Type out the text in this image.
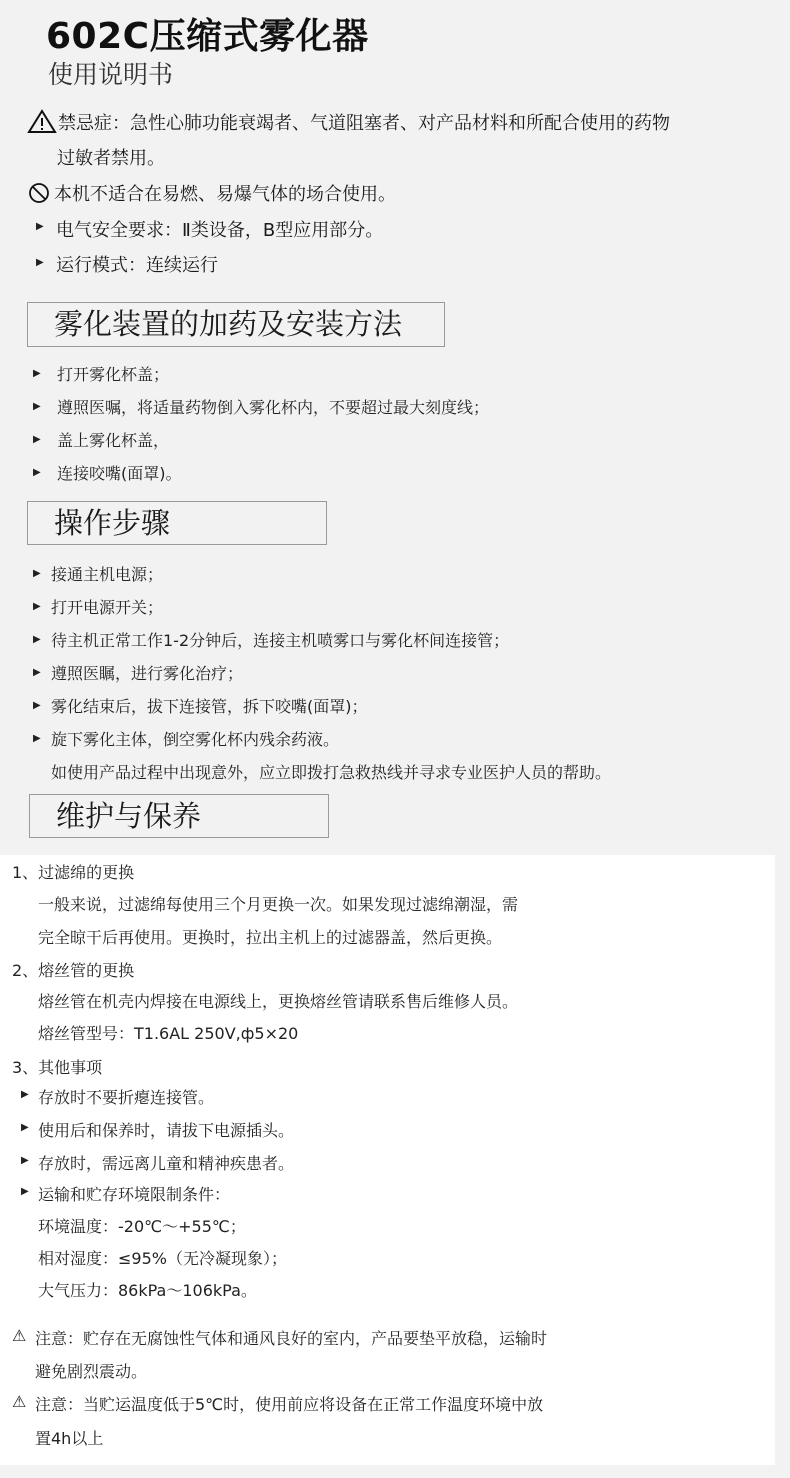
602C压缩式雾化器
使用说明书
禁忌症：急性心肺功能衰竭者、气道阻塞者、对产品材料和所配合使用的药物
过敏者禁用。
本机不适合在易燃、易爆气体的场合使用。
▶ 电气安全要求：Ⅱ类设备，B型应用部分。
▶ 运行模式：连续运行
雾化装置的加药及安装方法
▶ 打开雾化杯盖；
▶ 遵照医嘱，将适量药物倒入雾化杯内，不要超过最大刻度线；
▶ 盖上雾化杯盖，
▶ 连接咬嘴(面罩)。
操作步骤
▶ 接通主机电源；
▶ 打开电源开关；
▶ 待主机正常工作1-2分钟后，连接主机喷雾口与雾化杯间连接管；
▶ 遵照医瞩，进行雾化治疗；
▶ 雾化结束后，拔下连接管，拆下咬嘴(面罩)；
▶ 旋下雾化主体，倒空雾化杯内残余药液。
如使用产品过程中出现意外，应立即拨打急救热线并寻求专业医护人员的帮助。
维护与保养
1、过滤绵的更换
一般来说，过滤绵每使用三个月更换一次。如果发现过滤绵潮湿，需
完全晾干后再使用。更换时，拉出主机上的过滤器盖，然后更换。
2、熔丝管的更换
熔丝管在机壳内焊接在电源线上，更换熔丝管请联系售后维修人员。
熔丝管型号：T1.6AL 250V,ф5×20
3、其他事项
▶ 存放时不要折瘪连接管。
▶ 使用后和保养时，请拔下电源插头。
▶ 存放时，需远离儿童和精神疾患者。
▶ 运输和贮存环境限制条件：
环境温度：-20℃～+55℃；
相对湿度：≤95%（无冷凝现象）；
大气压力：86kPa～106kPa。
⚠ 注意：贮存在无腐蚀性气体和通风良好的室内，产品要垫平放稳，运输时
避免剧烈震动。
⚠ 注意：当贮运温度低于5℃时，使用前应将设备在正常工作温度环境中放
置4h以上
